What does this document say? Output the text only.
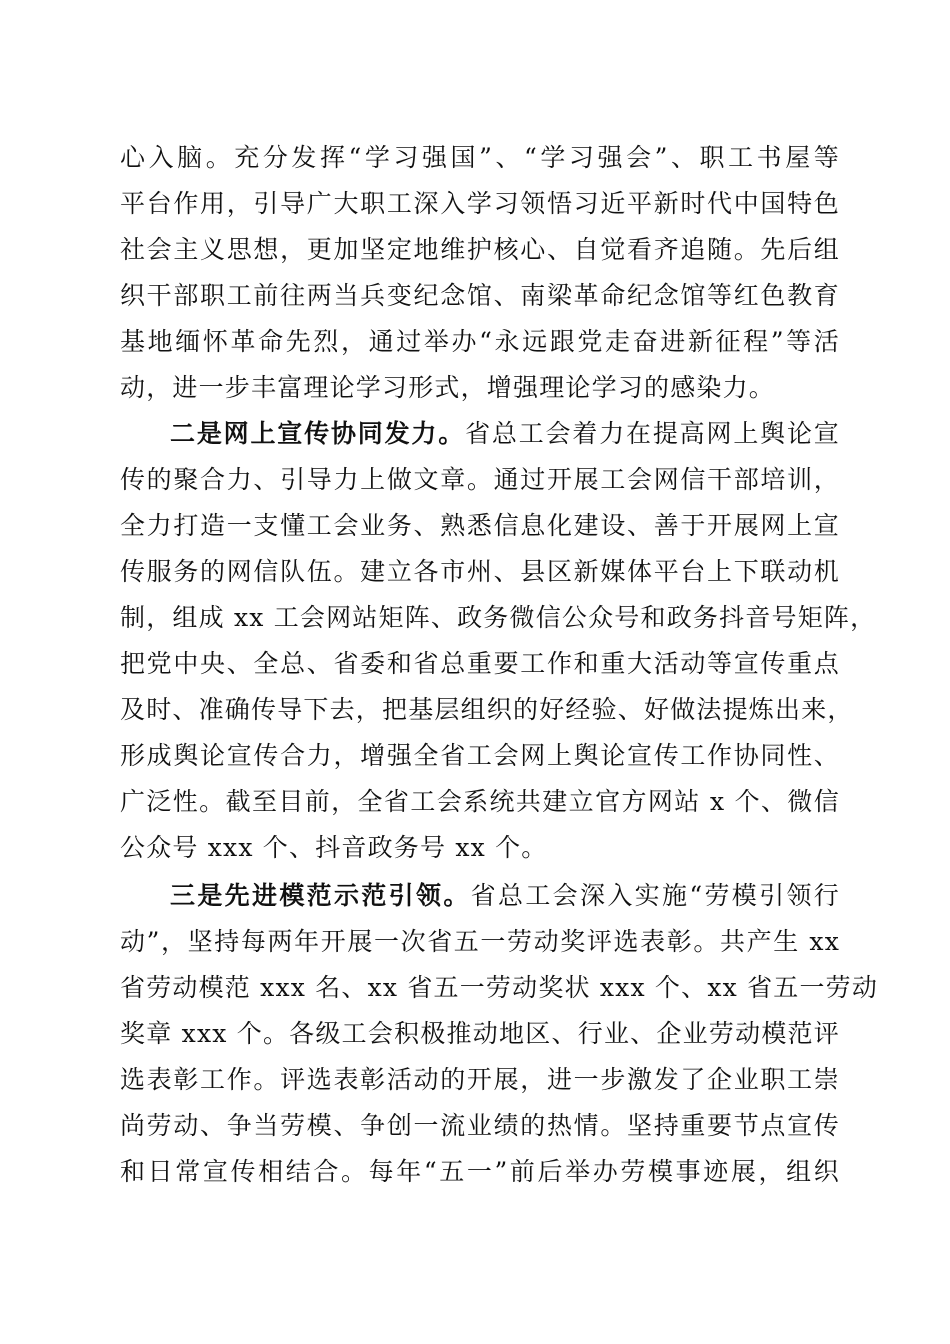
心入脑。充分发挥“学习强国”、“学习强会”、职工书屋等
平台作用，引导广大职工深入学习领悟习近平新时代中国特色
社会主义思想，更加坚定地维护核心、自觉看齐追随。先后组
织干部职工前往两当兵变纪念馆、南梁革命纪念馆等红色教育
基地缅怀革命先烈，通过举办“永远跟党走奋进新征程”等活
动，进一步丰富理论学习形式，增强理论学习的感染力。
二是网上宣传协同发力。省总工会着力在提高网上舆论宣
传的聚合力、引导力上做文章。通过开展工会网信干部培训，
全力打造一支懂工会业务、熟悉信息化建设、善于开展网上宣
传服务的网信队伍。建立各市州、县区新媒体平台上下联动机
制，组成 xx 工会网站矩阵、政务微信公众号和政务抖音号矩阵，
把党中央、全总、省委和省总重要工作和重大活动等宣传重点
及时、准确传导下去，把基层组织的好经验、好做法提炼出来，
形成舆论宣传合力，增强全省工会网上舆论宣传工作协同性、
广泛性。截至目前，全省工会系统共建立官方网站 x 个、微信
公众号 xxx 个、抖音政务号 xx 个。
三是先进模范示范引领。省总工会深入实施“劳模引领行
动”，坚持每两年开展一次省五一劳动奖评选表彰。共产生 xx
省劳动模范 xxx 名、xx 省五一劳动奖状 xxx 个、xx 省五一劳动
奖章 xxx 个。各级工会积极推动地区、行业、企业劳动模范评
选表彰工作。评选表彰活动的开展，进一步激发了企业职工崇
尚劳动、争当劳模、争创一流业绩的热情。坚持重要节点宣传
和日常宣传相结合。每年“五一”前后举办劳模事迹展，组织
